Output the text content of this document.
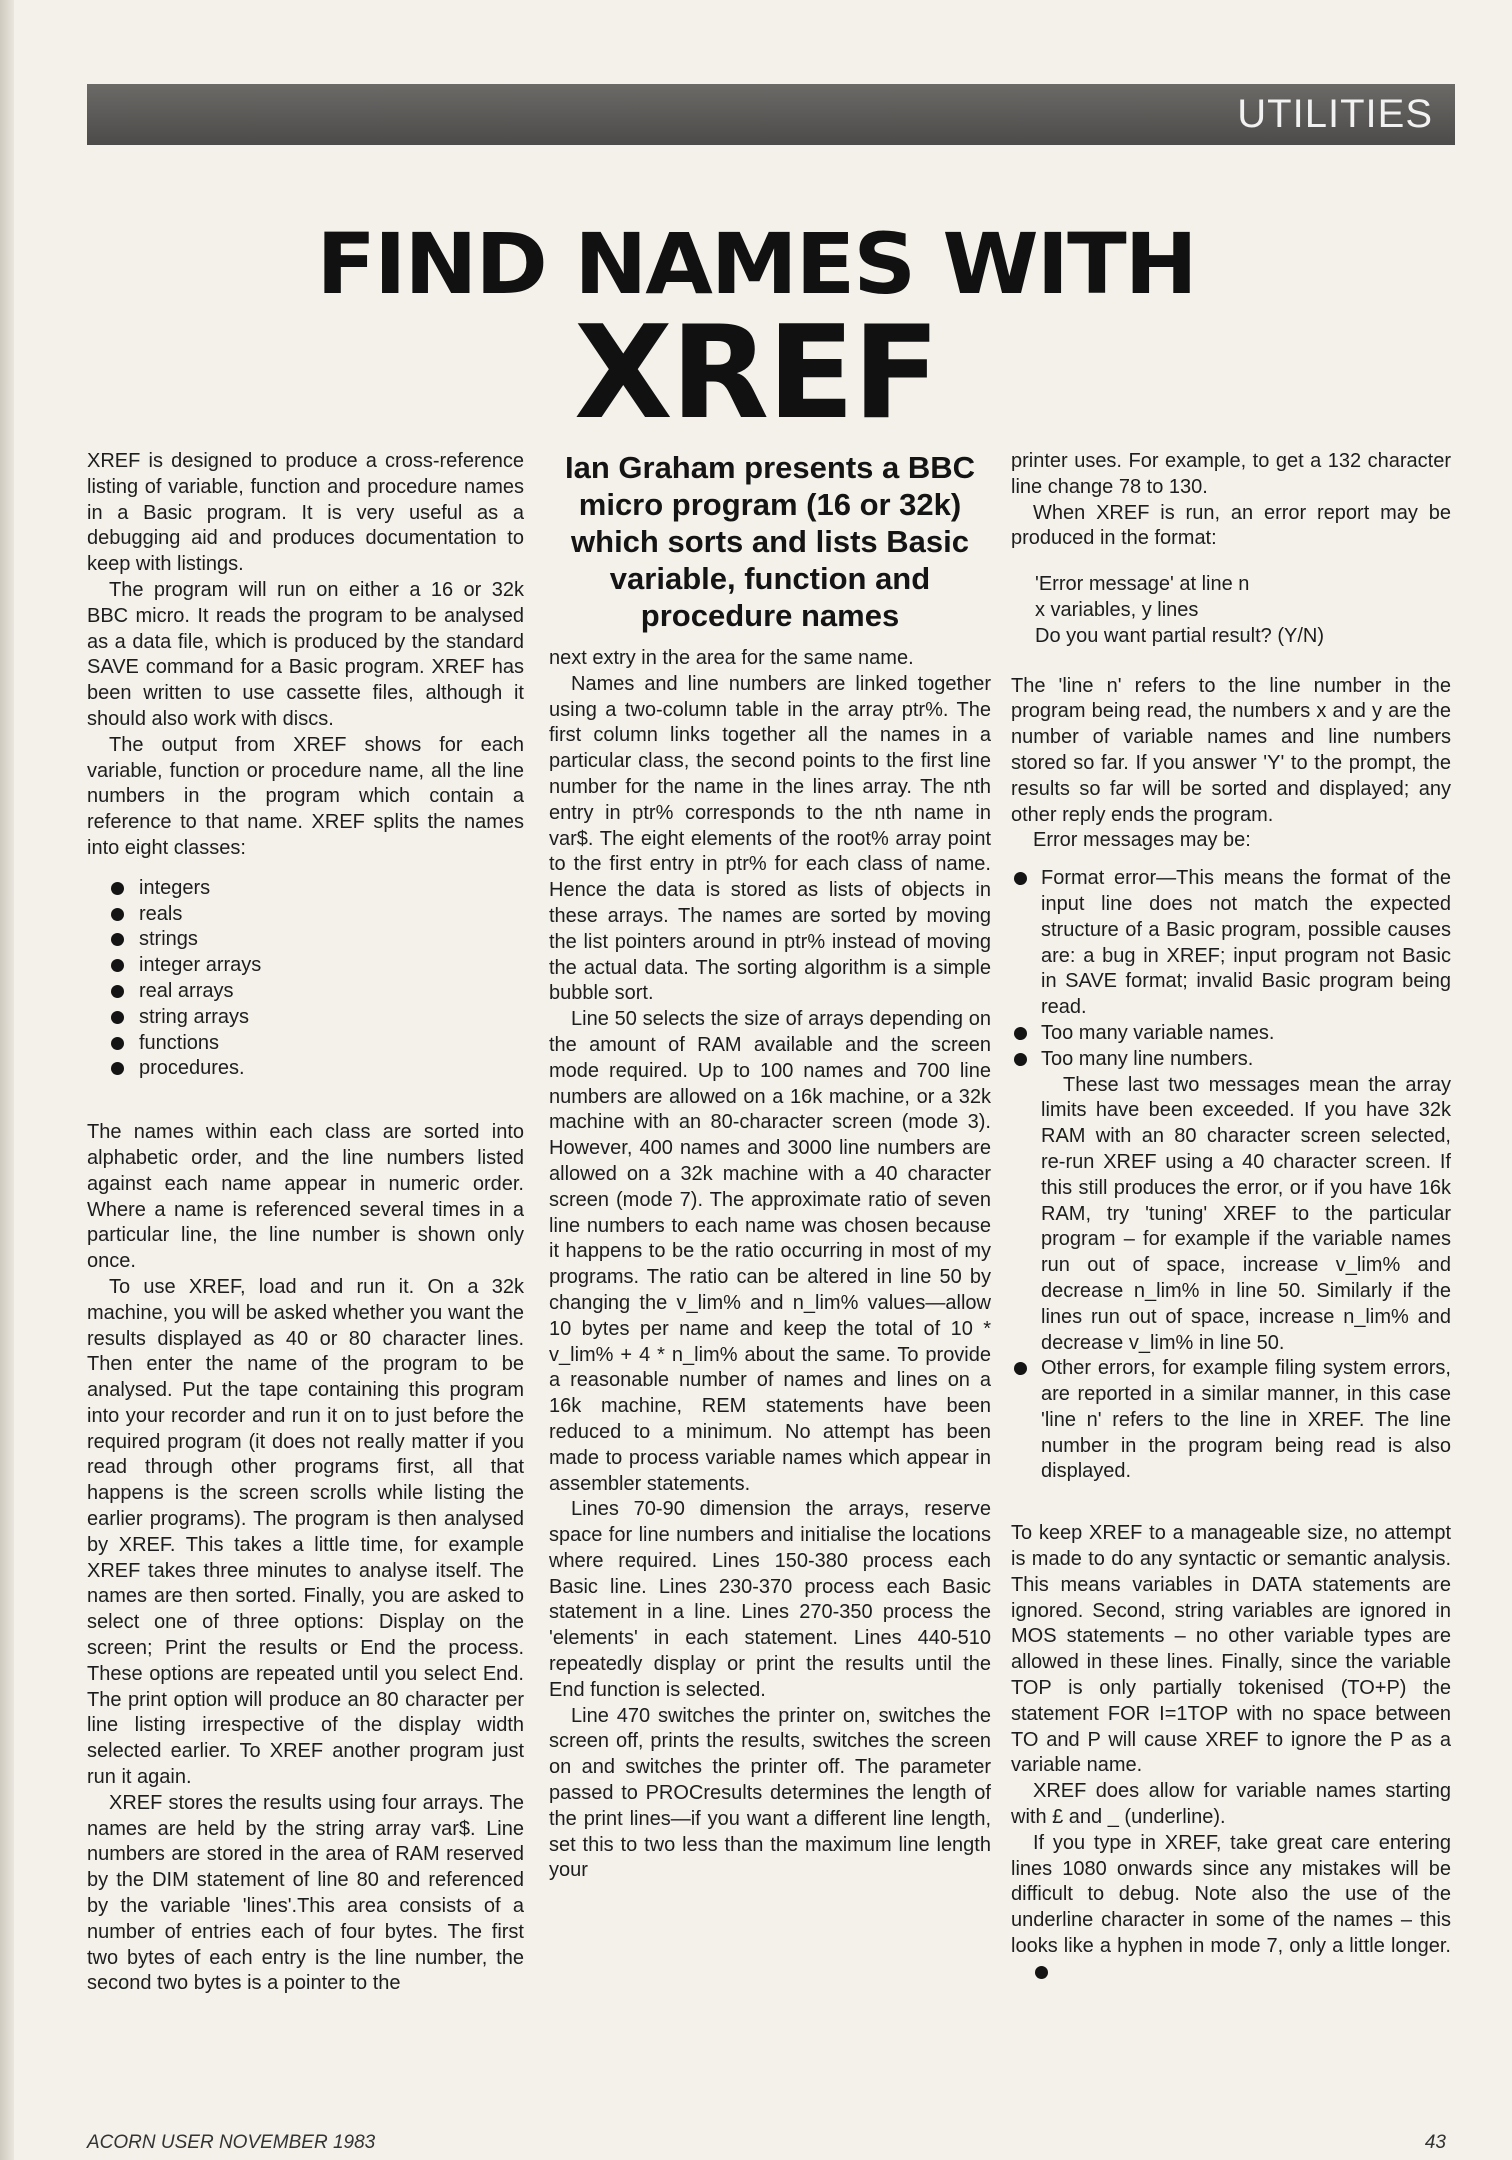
UTILITIES
FIND NAMES WITH
XREF

XREF is designed to produce a cross-reference listing of variable, function and procedure names in a Basic program. It is very useful as a debugging aid and produces documentation to keep with listings.

The program will run on either a 16 or 32k BBC micro. It reads the program to be analysed as a data file, which is produced by the standard SAVE command for a Basic program. XREF has been written to use cassette files, although it should also work with discs.

The output from XREF shows for each variable, function or procedure name, all the line numbers in the program which contain a reference to that name. XREF splits the names into eight classes:

integers
reals
strings
integer arrays
real arrays
string arrays
functions
procedures.

The names within each class are sorted into alphabetic order, and the line numbers listed against each name appear in numeric order. Where a name is referenced several times in a particular line, the line number is shown only once.

To use XREF, load and run it. On a 32k machine, you will be asked whether you want the results displayed as 40 or 80 character lines. Then enter the name of the program to be analysed. Put the tape containing this program into your recorder and run it on to just before the required program (it does not really matter if you read through other programs first, all that happens is the screen scrolls while listing the earlier programs). The program is then analysed by XREF. This takes a little time, for example XREF takes three minutes to analyse itself. The names are then sorted. Finally, you are asked to select one of three options: Display on the screen; Print the results or End the process. These options are repeated until you select End. The print option will produce an 80 character per line listing irrespective of the display width selected earlier. To XREF another program just run it again.

XREF stores the results using four arrays. The names are held by the string array var$. Line numbers are stored in the area of RAM reserved by the DIM statement of line 80 and referenced by the variable 'lines'.This area consists of a number of entries each of four bytes. The first two bytes of each entry is the line number, the second two bytes is a pointer to the

Ian Graham presents a BBC micro program (16 or 32k) which sorts and lists Basic variable, function and procedure names

next extry in the area for the same name.

Names and line numbers are linked together using a two-column table in the array ptr%. The first column links together all the names in a particular class, the second points to the first line number for the name in the lines array. The nth entry in ptr% corresponds to the nth name in var$. The eight elements of the root% array point to the first entry in ptr% for each class of name. Hence the data is stored as lists of objects in these arrays. The names are sorted by moving the list pointers around in ptr% instead of moving the actual data. The sorting algorithm is a simple bubble sort.

Line 50 selects the size of arrays depending on the amount of RAM available and the screen mode required. Up to 100 names and 700 line numbers are allowed on a 16k machine, or a 32k machine with an 80-character screen (mode 3). However, 400 names and 3000 line numbers are allowed on a 32k machine with a 40 character screen (mode 7). The approximate ratio of seven line numbers to each name was chosen because it happens to be the ratio occurring in most of my programs. The ratio can be altered in line 50 by changing the v_lim% and n_lim% values—allow 10 bytes per name and keep the total of 10 * v_lim% + 4 * n_lim% about the same. To provide a reasonable number of names and lines on a 16k machine, REM statements have been reduced to a minimum. No attempt has been made to process variable names which appear in assembler statements.

Lines 70-90 dimension the arrays, reserve space for line numbers and initialise the locations where required. Lines 150-380 process each Basic line. Lines 230-370 process each Basic statement in a line. Lines 270-350 process the 'elements' in each statement. Lines 440-510 repeatedly display or print the results until the End function is selected.

Line 470 switches the printer on, switches the screen off, prints the results, switches the screen on and switches the printer off. The parameter passed to PROCresults determines the length of the print lines—if you want a different line length, set this to two less than the maximum line length your

printer uses. For example, to get a 132 character line change 78 to 130.

When XREF is run, an error report may be produced in the format:

'Error message' at line n
x variables, y lines
Do you want partial result? (Y/N)

The 'line n' refers to the line number in the program being read, the numbers x and y are the number of variable names and line numbers stored so far. If you answer 'Y' to the prompt, the results so far will be sorted and displayed; any other reply ends the program.

Error messages may be:

Format error—This means the format of the input line does not match the expected structure of a Basic program, possible causes are: a bug in XREF; input program not Basic in SAVE format; invalid Basic program being read.
Too many variable names.
Too many line numbers.

These last two messages mean the array limits have been exceeded. If you have 32k RAM with an 80 character screen selected, re-run XREF using a 40 character screen. If this still produces the error, or if you have 16k RAM, try 'tuning' XREF to the particular program – for example if the variable names run out of space, increase v_lim% and decrease n_lim% in line 50. Similarly if the lines run out of space, increase n_lim% and decrease v_lim% in line 50.
Other errors, for example filing system errors, are reported in a similar manner, in this case 'line n' refers to the line in XREF. The line number in the program being read is also displayed.

To keep XREF to a manageable size, no attempt is made to do any syntactic or semantic analysis. This means variables in DATA statements are ignored. Second, string variables are ignored in MOS statements – no other variable types are allowed in these lines. Finally, since the variable TOP is only partially tokenised (TO+P) the statement FOR I=1TOP with no space between TO and P will cause XREF to ignore the P as a variable name.

XREF does allow for variable names starting with £ and _ (underline).

If you type in XREF, take great care entering lines 1080 onwards since any mistakes will be difficult to debug. Note also the use of the underline character in some of the names – this looks like a hyphen in mode 7, only a little longer.

ACORN USER NOVEMBER 1983	43
